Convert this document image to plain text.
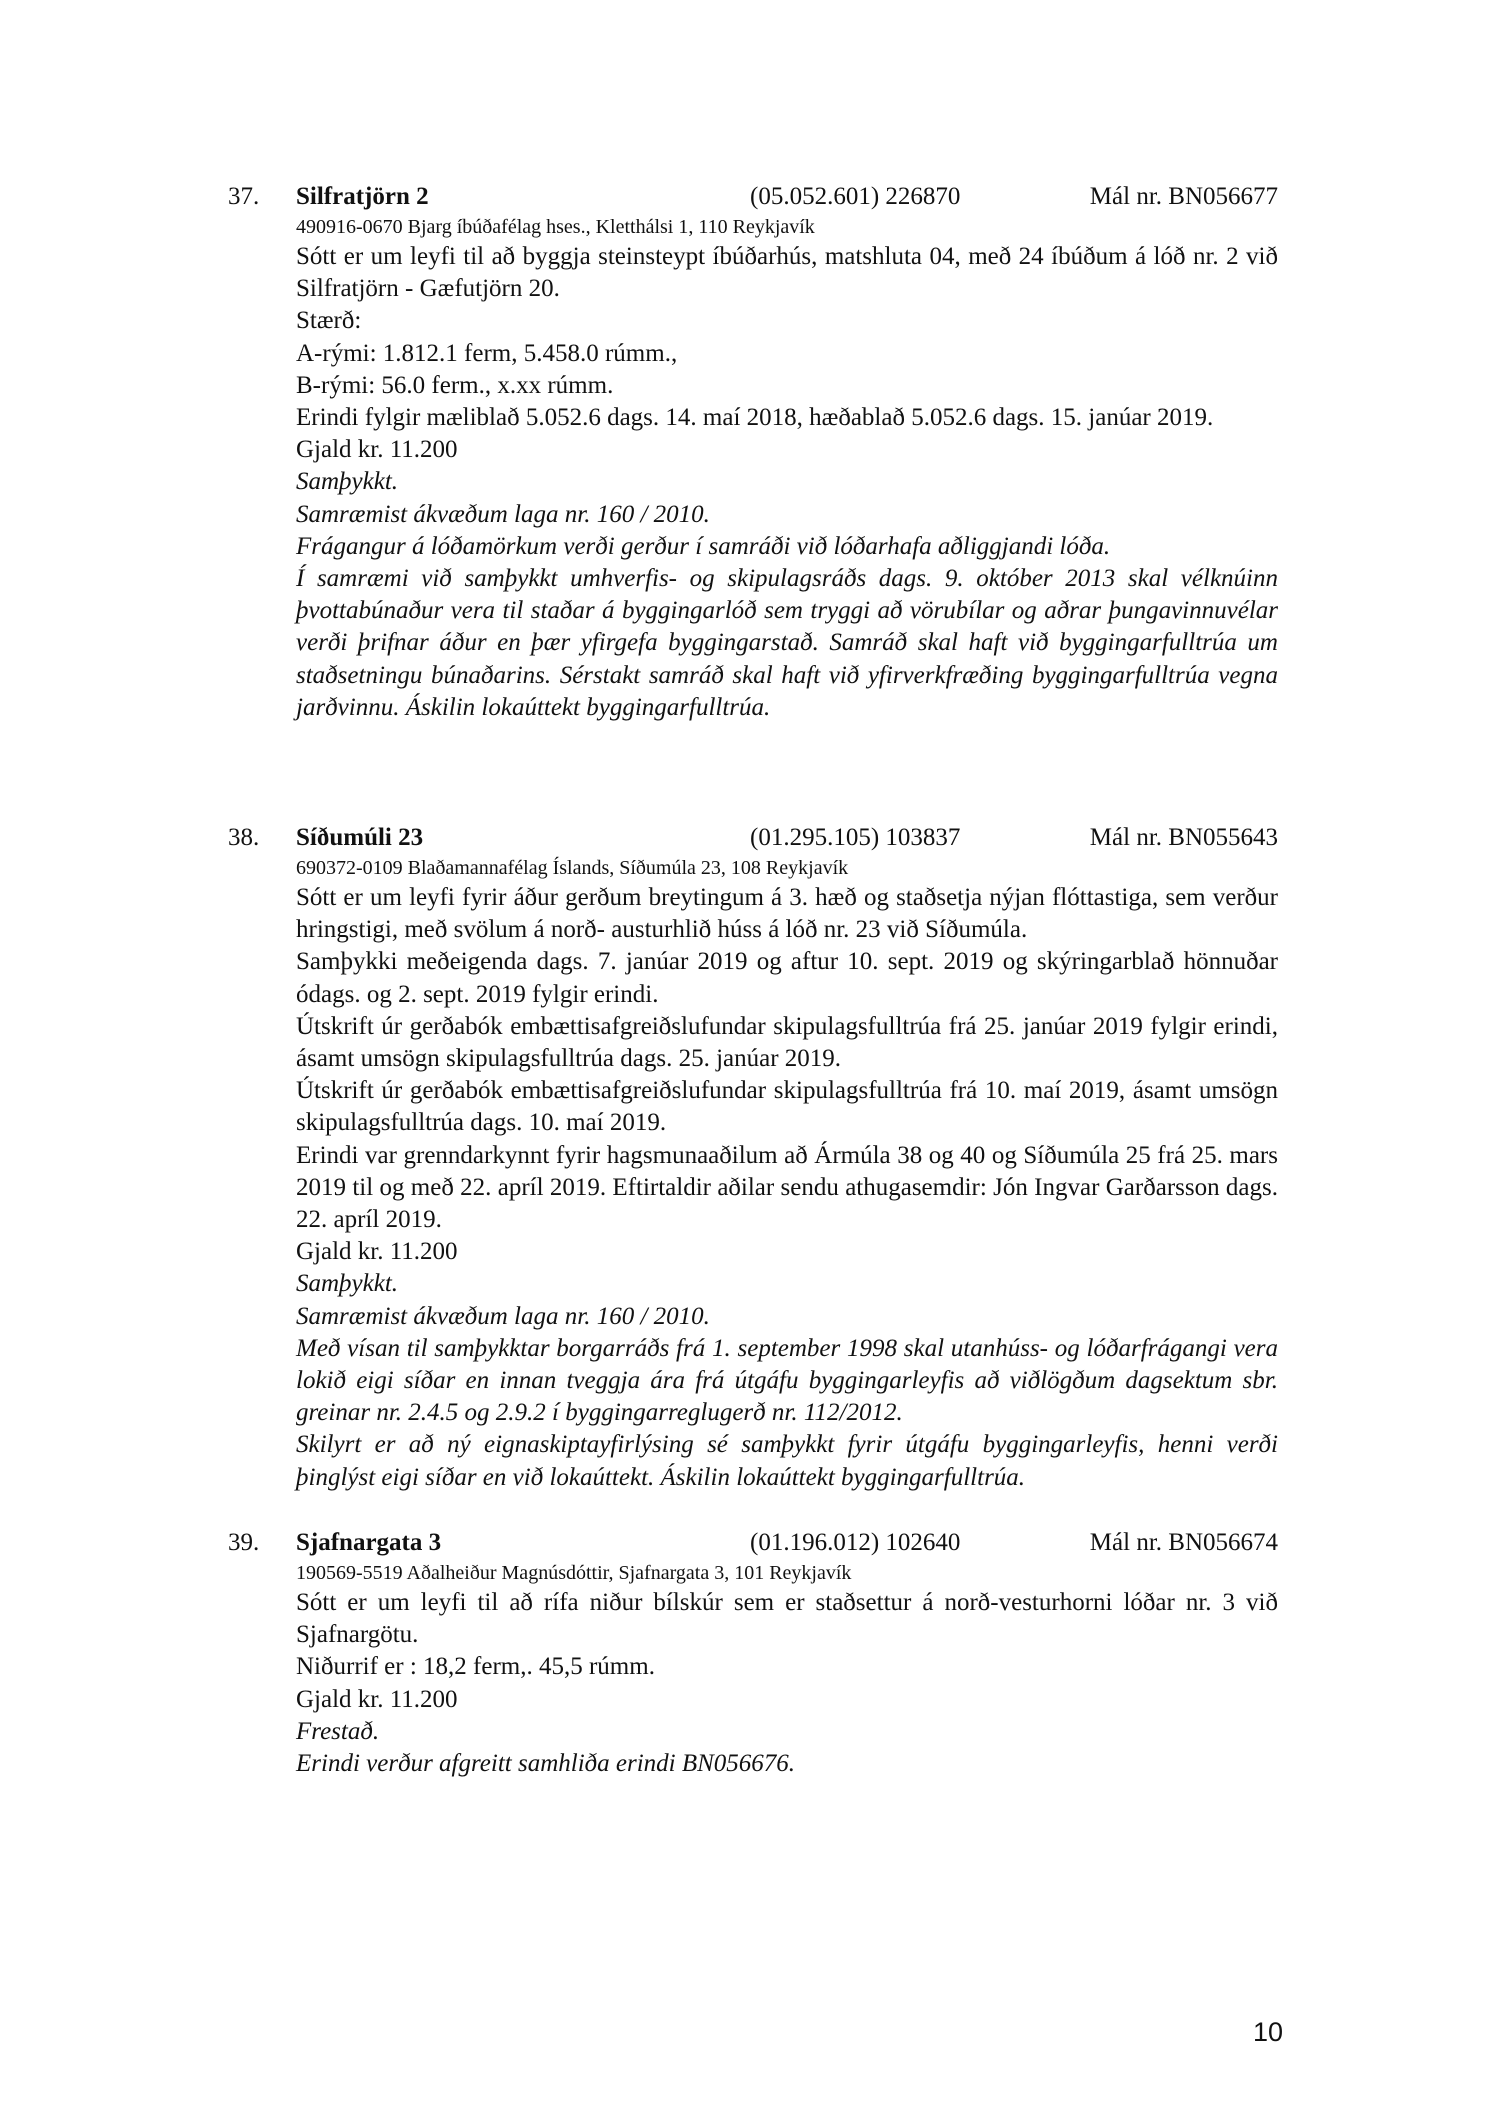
37. Silfratjörn 2	(05.052.601) 226870	Mál nr. BN056677

490916-0670 Bjarg íbúðafélag hses., Kletthálsi 1, 110 Reykjavík

Sótt er um leyfi til að byggja steinsteypt íbúðarhús, matshluta 04, með 24 íbúðum á lóð nr. 2 við Silfratjörn - Gæfutjörn 20.

Stærð:

A-rými: 1.812.1 ferm, 5.458.0 rúmm.,

B-rými: 56.0 ferm., x.xx rúmm.

Erindi fylgir mæliblað 5.052.6 dags. 14. maí 2018, hæðablað 5.052.6 dags. 15. janúar 2019.

Gjald kr. 11.200

Samþykkt.

Samræmist ákvæðum laga nr. 160 / 2010.

Frágangur á lóðamörkum verði gerður í samráði við lóðarhafa aðliggjandi lóða.

Í samræmi við samþykkt umhverfis- og skipulagsráðs dags. 9. október 2013 skal vélknúinn þvottabúnaður vera til staðar á byggingarlóð sem tryggi að vörubílar og aðrar þungavinnuvélar verði þrifnar áður en þær yfirgefa byggingarstað. Samráð skal haft við byggingarfulltrúa um staðsetningu búnaðarins. Sérstakt samráð skal haft við yfirverkfræðing byggingarfulltrúa vegna jarðvinnu. Áskilin lokaúttekt byggingarfulltrúa.

38. Síðumúli 23	(01.295.105) 103837	Mál nr. BN055643

690372-0109 Blaðamannafélag Íslands, Síðumúla 23, 108 Reykjavík

Sótt er um leyfi fyrir áður gerðum breytingum á 3. hæð og staðsetja nýjan flóttastiga, sem verður hringstigi, með svölum á norð- austurhlið húss á lóð nr. 23 við Síðumúla.

Samþykki meðeigenda dags. 7. janúar 2019 og aftur 10. sept. 2019 og skýringarblað hönnuðar ódags. og 2. sept. 2019 fylgir erindi.

Útskrift úr gerðabók embættisafgreiðslufundar skipulagsfulltrúa frá 25. janúar 2019 fylgir erindi, ásamt umsögn skipulagsfulltrúa dags. 25. janúar 2019.

Útskrift úr gerðabók embættisafgreiðslufundar skipulagsfulltrúa frá 10. maí 2019, ásamt umsögn skipulagsfulltrúa dags. 10. maí 2019.

Erindi var grenndarkynnt fyrir hagsmunaaðilum að Ármúla 38 og 40 og Síðumúla 25 frá 25. mars 2019 til og með 22. apríl 2019. Eftirtaldir aðilar sendu athugasemdir: Jón Ingvar Garðarsson dags. 22. apríl 2019.

Gjald kr. 11.200

Samþykkt.

Samræmist ákvæðum laga nr. 160 / 2010.

Með vísan til samþykktar borgarráðs frá 1. september 1998 skal utanhúss- og lóðarfrágangi vera lokið eigi síðar en innan tveggja ára frá útgáfu byggingarleyfis að viðlögðum dagsektum sbr. greinar nr. 2.4.5 og 2.9.2 í byggingarreglugerð nr. 112/2012.

Skilyrt er að ný eignaskiptayfirlýsing sé samþykkt fyrir útgáfu byggingarleyfis, henni verði þinglýst eigi síðar en við lokaúttekt. Áskilin lokaúttekt byggingarfulltrúa.

39. Sjafnargata 3	(01.196.012) 102640	Mál nr. BN056674

190569-5519 Aðalheiður Magnúsdóttir, Sjafnargata 3, 101 Reykjavík

Sótt er um leyfi til að rífa niður bílskúr sem er staðsettur á norð-vesturhorni lóðar nr. 3 við Sjafnargötu.

Niðurrif er : 18,2 ferm,. 45,5 rúmm.

Gjald kr. 11.200

Frestað.

Erindi verður afgreitt samhliða erindi BN056676.

10
